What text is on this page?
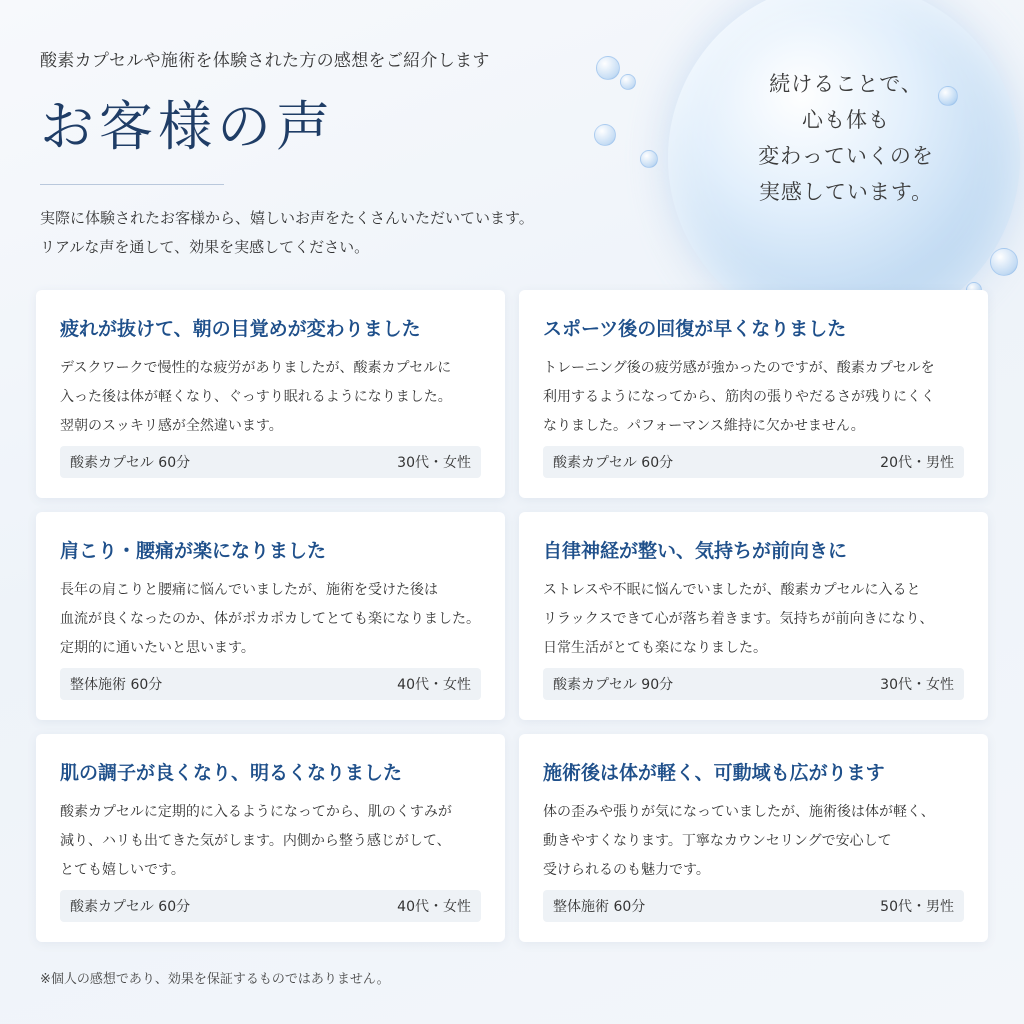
続けることで、
心も体も
変わっていくのを
実感しています。
酸素カプセルや施術を体験された方の感想をご紹介します
お客様の声
実際に体験されたお客様から、嬉しいお声をたくさんいただいています。
リアルな声を通して、効果を実感してください。
疲れが抜けて、朝の目覚めが変わりました
デスクワークで慢性的な疲労がありましたが、酸素カプセルに
入った後は体が軽くなり、ぐっすり眠れるようになりました。
翌朝のスッキリ感が全然違います。
酸素カプセル 60分	30代・女性
スポーツ後の回復が早くなりました
トレーニング後の疲労感が強かったのですが、酸素カプセルを
利用するようになってから、筋肉の張りやだるさが残りにくく
なりました。パフォーマンス維持に欠かせません。
酸素カプセル 60分	20代・男性
肩こり・腰痛が楽になりました
長年の肩こりと腰痛に悩んでいましたが、施術を受けた後は
血流が良くなったのか、体がポカポカしてとても楽になりました。
定期的に通いたいと思います。
整体施術 60分	40代・女性
自律神経が整い、気持ちが前向きに
ストレスや不眠に悩んでいましたが、酸素カプセルに入ると
リラックスできて心が落ち着きます。気持ちが前向きになり、
日常生活がとても楽になりました。
酸素カプセル 90分	30代・女性
肌の調子が良くなり、明るくなりました
酸素カプセルに定期的に入るようになってから、肌のくすみが
減り、ハリも出てきた気がします。内側から整う感じがして、
とても嬉しいです。
酸素カプセル 60分	40代・女性
施術後は体が軽く、可動域も広がります
体の歪みや張りが気になっていましたが、施術後は体が軽く、
動きやすくなります。丁寧なカウンセリングで安心して
受けられるのも魅力です。
整体施術 60分	50代・男性
※個人の感想であり、効果を保証するものではありません。
